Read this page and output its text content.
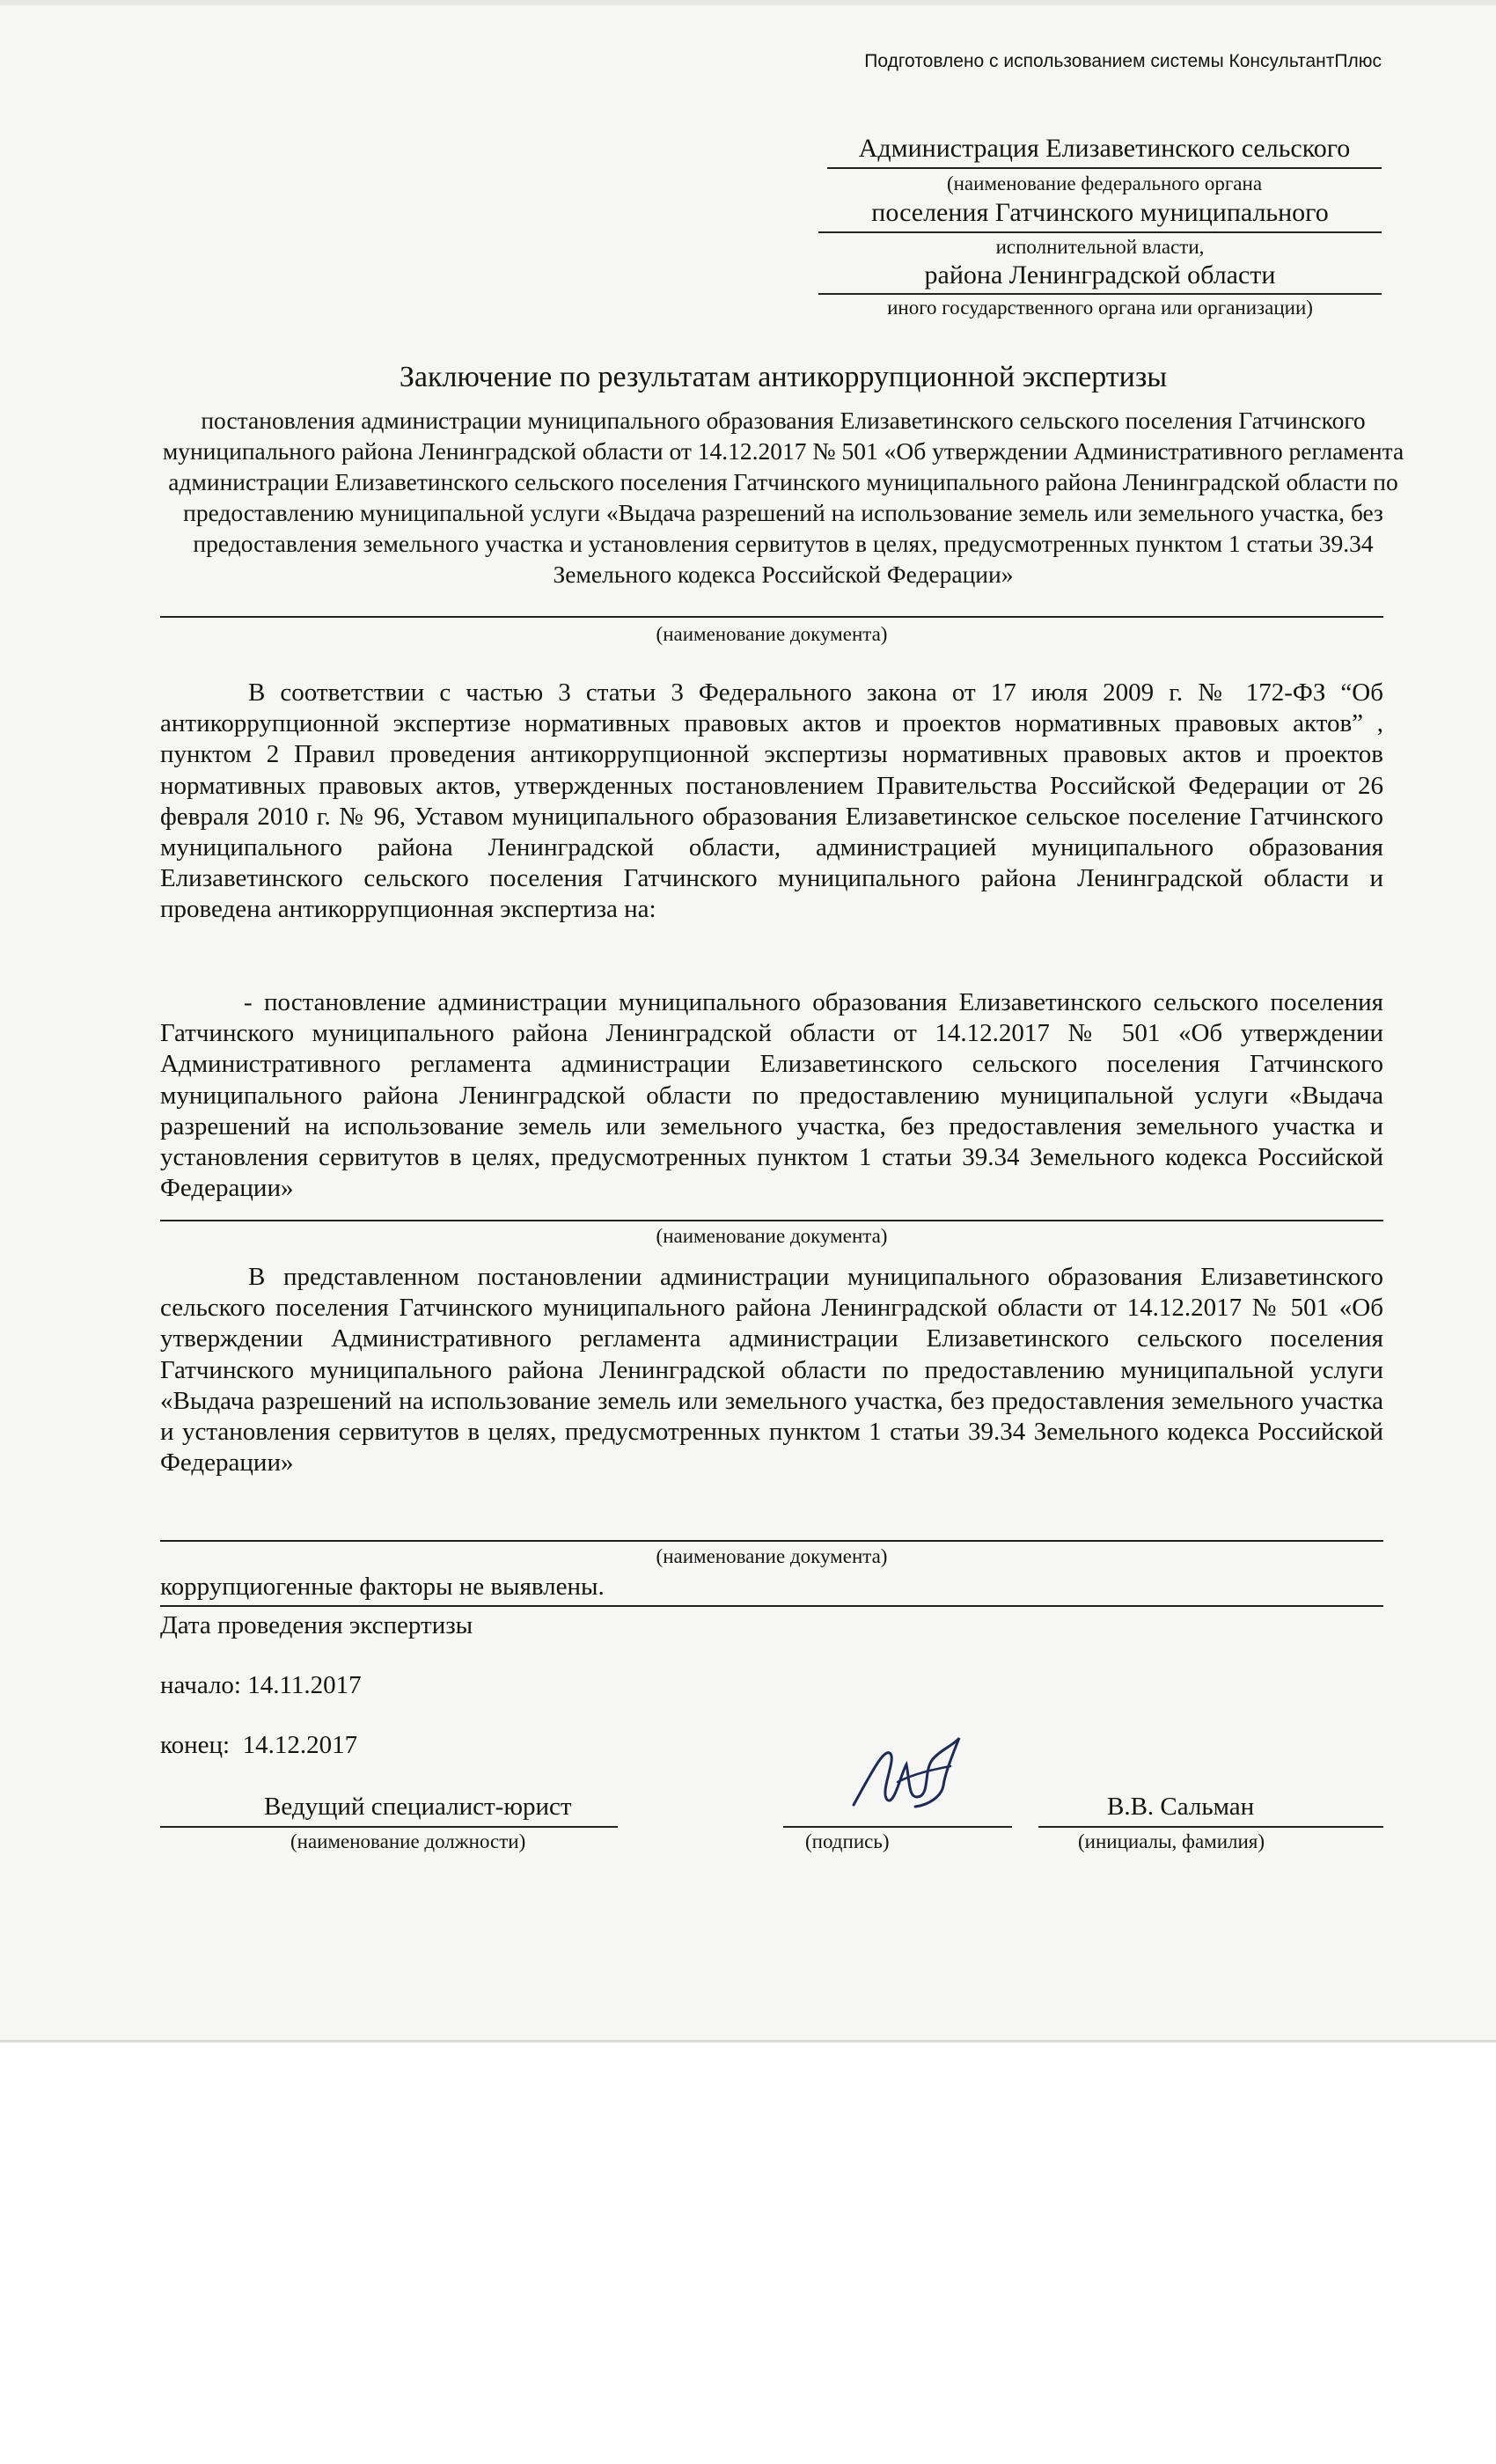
Подготовлено с использованием системы КонсультантПлюс
Администрация Елизаветинского сельского
(наименование федерального органа
поселения Гатчинского муниципального
исполнительной власти,
района Ленинградской области
иного государственного органа или организации)
Заключение по результатам антикоррупционной экспертизы
постановления администрации муниципального образования Елизаветинского сельского поселения Гатчинского муниципального района Ленинградской области от 14.12.2017 № 501 «Об утверждении Административного регламента администрации Елизаветинского сельского поселения Гатчинского муниципального района Ленинградской области по предоставлению муниципальной услуги «Выдача разрешений на использование земель или земельного участка, без предоставления земельного участка и установления сервитутов в целях, предусмотренных пунктом 1 статьи 39.34 Земельного кодекса Российской Федерации»
(наименование документа)

В соответствии с частью 3 статьи 3 Федерального закона от 17 июля 2009 г. № 172-ФЗ “Об антикоррупционной экспертизе нормативных правовых актов и проектов нормативных правовых актов” , пунктом 2 Правил проведения антикоррупционной экспертизы нормативных правовых актов и проектов нормативных правовых актов, утвержденных постановлением Правительства Российской Федерации от 26 февраля 2010 г. № 96, Уставом муниципального образования Елизаветинское сельское поселение Гатчинского муниципального района Ленинградской области, администрацией муниципального образования Елизаветинского сельского поселения Гатчинского муниципального района Ленинградской области и проведена антикоррупционная экспертиза на:

- постановление администрации муниципального образования Елизаветинского сельского поселения Гатчинского муниципального района Ленинградской области от 14.12.2017 № 501 «Об утверждении Административного регламента администрации Елизаветинского сельского поселения Гатчинского муниципального района Ленинградской области по предоставлению муниципальной услуги «Выдача разрешений на использование земель или земельного участка, без предоставления земельного участка и установления сервитутов в целях, предусмотренных пунктом 1 статьи 39.34 Земельного кодекса Российской Федерации»

(наименование документа)

В представленном постановлении администрации муниципального образования Елизаветинского сельского поселения Гатчинского муниципального района Ленинградской области от 14.12.2017 № 501 «Об утверждении Административного регламента администрации Елизаветинского сельского поселения Гатчинского муниципального района Ленинградской области по предоставлению муниципальной услуги «Выдача разрешений на использование земель или земельного участка, без предоставления земельного участка и установления сервитутов в целях, предусмотренных пунктом 1 статьи 39.34 Земельного кодекса Российской Федерации»

(наименование документа)
коррупциогенные факторы не выявлены.
Дата проведения экспертизы
начало: 14.11.2017
конец:  14.12.2017
Ведущий специалист-юрист
(наименование должности)	(подпись)
В.В. Сальман
(инициалы, фамилия)
